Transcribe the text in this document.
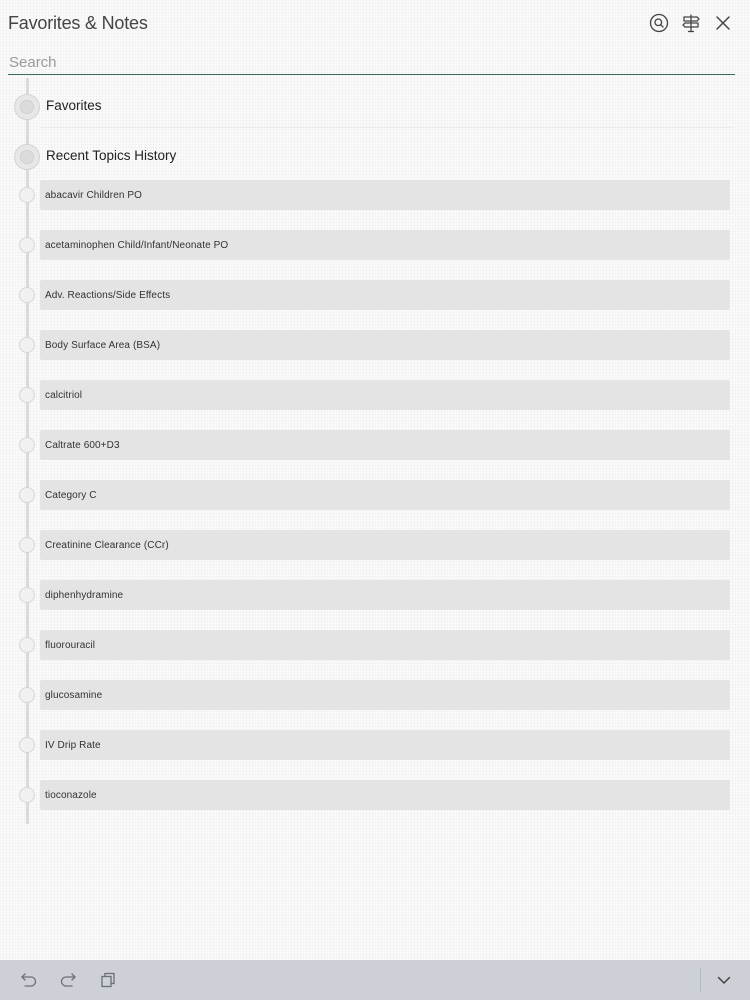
Favorites & Notes
Search
Favorites
Recent Topics History
abacavir Children PO
acetaminophen Child/Infant/Neonate PO
Adv. Reactions/Side Effects
Body Surface Area (BSA)
calcitriol
Caltrate 600+D3
Category C
Creatinine Clearance (CCr)
diphenhydramine
fluorouracil
glucosamine
IV Drip Rate
tioconazole
